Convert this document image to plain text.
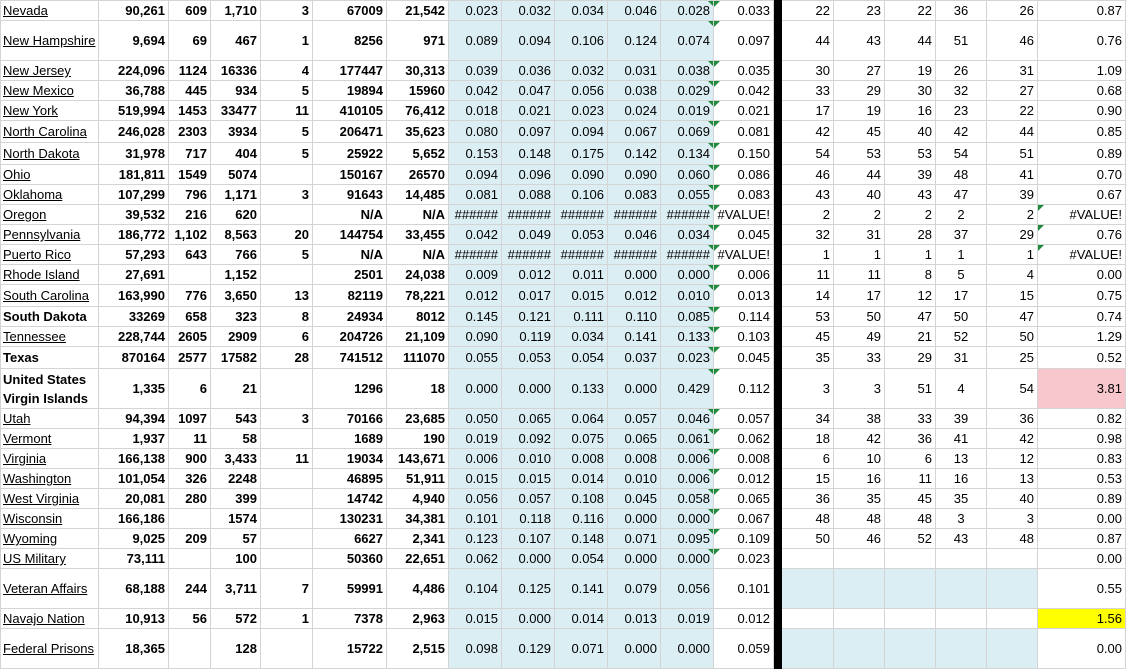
Nevada	90,261	609	1,710	3	67009	21,542	0.023	0.032	0.034	0.046	0.028	0.033		22	23	22	36	26	0.87
New Hampshire	9,694	69	467	1	8256	971	0.089	0.094	0.106	0.124	0.074	0.097		44	43	44	51	46	0.76
New Jersey	224,096	1124	16336	4	177447	30,313	0.039	0.036	0.032	0.031	0.038	0.035		30	27	19	26	31	1.09
New Mexico	36,788	445	934	5	19894	15960	0.042	0.047	0.056	0.038	0.029	0.042		33	29	30	32	27	0.68
New York	519,994	1453	33477	11	410105	76,412	0.018	0.021	0.023	0.024	0.019	0.021		17	19	16	23	22	0.90
North Carolina	246,028	2303	3934	5	206471	35,623	0.080	0.097	0.094	0.067	0.069	0.081		42	45	40	42	44	0.85
North Dakota	31,978	717	404	5	25922	5,652	0.153	0.148	0.175	0.142	0.134	0.150		54	53	53	54	51	0.89
Ohio	181,811	1549	5074		150167	26570	0.094	0.096	0.090	0.090	0.060	0.086		46	44	39	48	41	0.70
Oklahoma	107,299	796	1,171	3	91643	14,485	0.081	0.088	0.106	0.083	0.055	0.083		43	40	43	47	39	0.67
Oregon	39,532	216	620		N/A	N/A	######	######	######	######	######	#VALUE!		2	2	2	2	2	#VALUE!
Pennsylvania	186,772	1,102	8,563	20	144754	33,455	0.042	0.049	0.053	0.046	0.034	0.045		32	31	28	37	29	0.76
Puerto Rico	57,293	643	766	5	N/A	N/A	######	######	######	######	######	#VALUE!		1	1	1	1	1	#VALUE!
Rhode Island	27,691		1,152		2501	24,038	0.009	0.012	0.011	0.000	0.000	0.006		11	11	8	5	4	0.00
South Carolina	163,990	776	3,650	13	82119	78,221	0.012	0.017	0.015	0.012	0.010	0.013		14	17	12	17	15	0.75
South Dakota	33269	658	323	8	24934	8012	0.145	0.121	0.111	0.110	0.085	0.114		53	50	47	50	47	0.74
Tennessee	228,744	2605	2909	6	204726	21,109	0.090	0.119	0.034	0.141	0.133	0.103		45	49	21	52	50	1.29
Texas	870164	2577	17582	28	741512	111070	0.055	0.053	0.054	0.037	0.023	0.045		35	33	29	31	25	0.52
United States Virgin Islands	1,335	6	21		1296	18	0.000	0.000	0.133	0.000	0.429	0.112		3	3	51	4	54	3.81
Utah	94,394	1097	543	3	70166	23,685	0.050	0.065	0.064	0.057	0.046	0.057		34	38	33	39	36	0.82
Vermont	1,937	11	58		1689	190	0.019	0.092	0.075	0.065	0.061	0.062		18	42	36	41	42	0.98
Virginia	166,138	900	3,433	11	19034	143,671	0.006	0.010	0.008	0.008	0.006	0.008		6	10	6	13	12	0.83
Washington	101,054	326	2248		46895	51,911	0.015	0.015	0.014	0.010	0.006	0.012		15	16	11	16	13	0.53
West Virginia	20,081	280	399		14742	4,940	0.056	0.057	0.108	0.045	0.058	0.065		36	35	45	35	40	0.89
Wisconsin	166,186		1574		130231	34,381	0.101	0.118	0.116	0.000	0.000	0.067		48	48	48	3	3	0.00
Wyoming	9,025	209	57		6627	2,341	0.123	0.107	0.148	0.071	0.095	0.109		50	46	52	43	48	0.87
US Military	73,111		100		50360	22,651	0.062	0.000	0.054	0.000	0.000	0.023							0.00
Veteran Affairs	68,188	244	3,711	7	59991	4,486	0.104	0.125	0.141	0.079	0.056	0.101							0.55
Navajo Nation	10,913	56	572	1	7378	2,963	0.015	0.000	0.014	0.013	0.019	0.012							1.56
Federal Prisons	18,365		128		15722	2,515	0.098	0.129	0.071	0.000	0.000	0.059							0.00
